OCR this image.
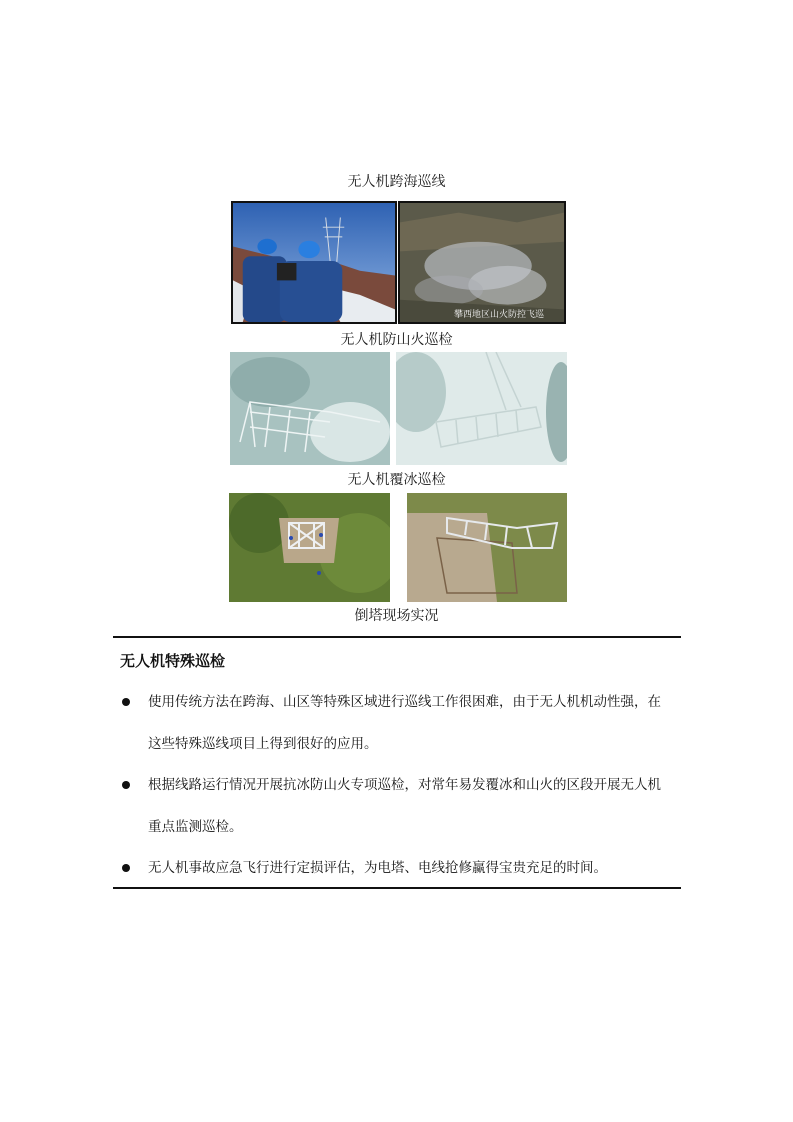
无人机跨海巡线
攀西地区山火防控飞巡
无人机防山火巡检
无人机覆冰巡检
倒塔现场实况
无人机特殊巡检
使用传统方法在跨海、山区等特殊区域进行巡线工作很困难，由于无人机机动性强，在
这些特殊巡线项目上得到很好的应用。
根据线路运行情况开展抗冰防山火专项巡检，对常年易发覆冰和山火的区段开展无人机
重点监测巡检。
无人机事故应急飞行进行定损评估，为电塔、电线抢修赢得宝贵充足的时间。
